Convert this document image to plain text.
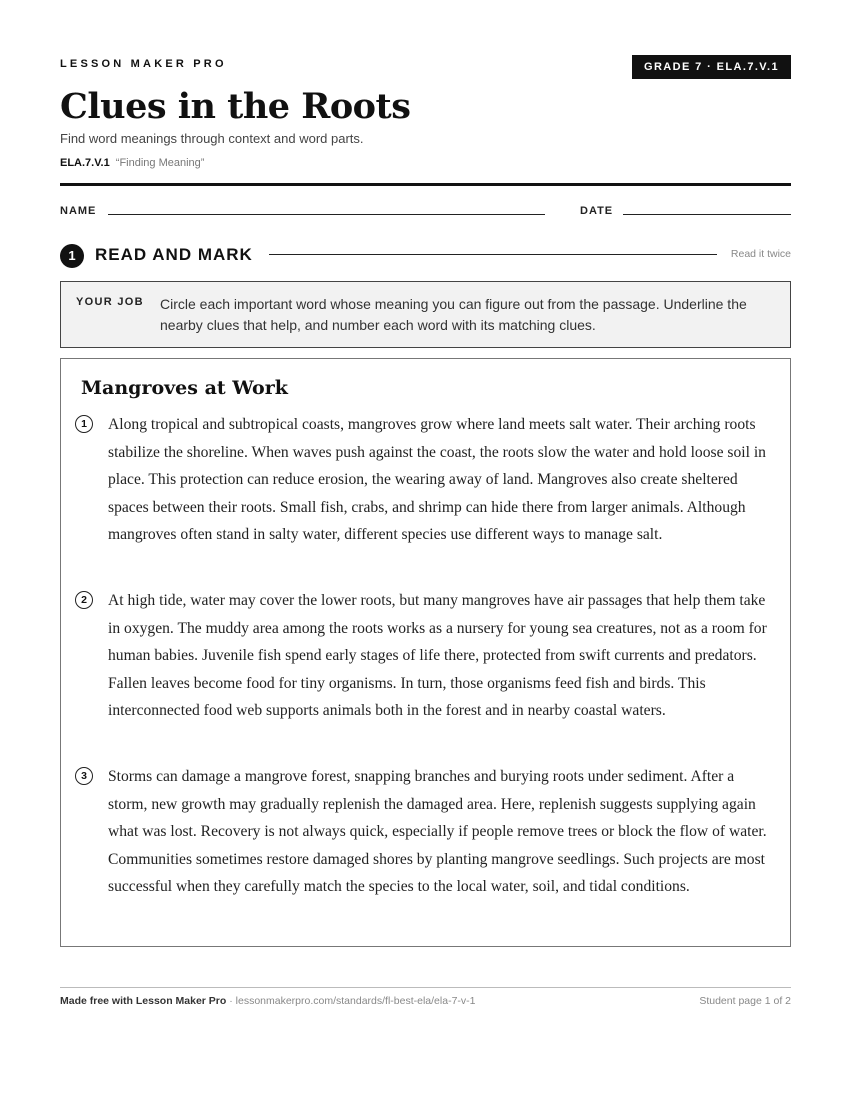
LESSON MAKER PRO	GRADE 7 · ELA.7.V.1
Clues in the Roots
Find word meanings through context and word parts.
ELA.7.V.1 “Finding Meaning”
NAME	DATE
1	READ AND MARK	Read it twice
YOUR JOB Circle each important word whose meaning you can figure out from the passage. Underline the nearby clues that help, and number each word with its matching clues.
Mangroves at Work
1	Along tropical and subtropical coasts, mangroves grow where land meets salt water. Their arching roots stabilize the shoreline. When waves push against the coast, the roots slow the water and hold loose soil in place. This protection can reduce erosion, the wearing away of land. Mangroves also create sheltered spaces between their roots. Small fish, crabs, and shrimp can hide there from larger animals. Although mangroves often stand in salty water, different species use different ways to manage salt.

2	At high tide, water may cover the lower roots, but many mangroves have air passages that help them take in oxygen. The muddy area among the roots works as a nursery for young sea creatures, not as a room for human babies. Juvenile fish spend early stages of life there, protected from swift currents and predators. Fallen leaves become food for tiny organisms. In turn, those organisms feed fish and birds. This interconnected food web supports animals both in the forest and in nearby coastal waters.

3	Storms can damage a mangrove forest, snapping branches and burying roots under sediment. After a storm, new growth may gradually replenish the damaged area. Here, replenish suggests supplying again what was lost. Recovery is not always quick, especially if people remove trees or block the flow of water. Communities sometimes restore damaged shores by planting mangrove seedlings. Such projects are most successful when they carefully match the species to the local water, soil, and tidal conditions.

Made free with Lesson Maker Pro · lessonmakerpro.com/standards/fl-best-ela/ela-7-v-1	Student page 1 of 2
